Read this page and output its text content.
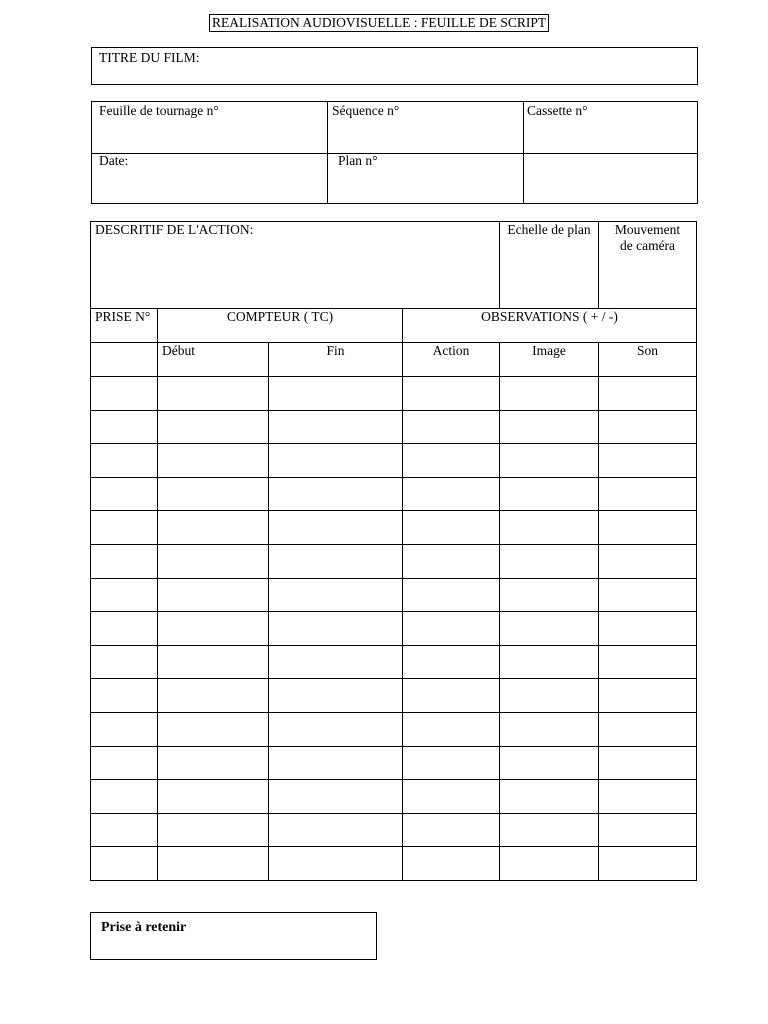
REALISATION AUDIOVISUELLE : FEUILLE DE SCRIPT
TITRE DU FILM:
Feuille de tournage n°	Séquence n°	Cassette n°
Date:	Plan n°
DESCRITIF DE L'ACTION:				Echelle de plan	Mouvement de caméra
PRISE N°	COMPTEUR ( TC)		OBSERVATIONS ( + / -)		
	Début	Fin	Action	Image	Son

Prise à retenir
